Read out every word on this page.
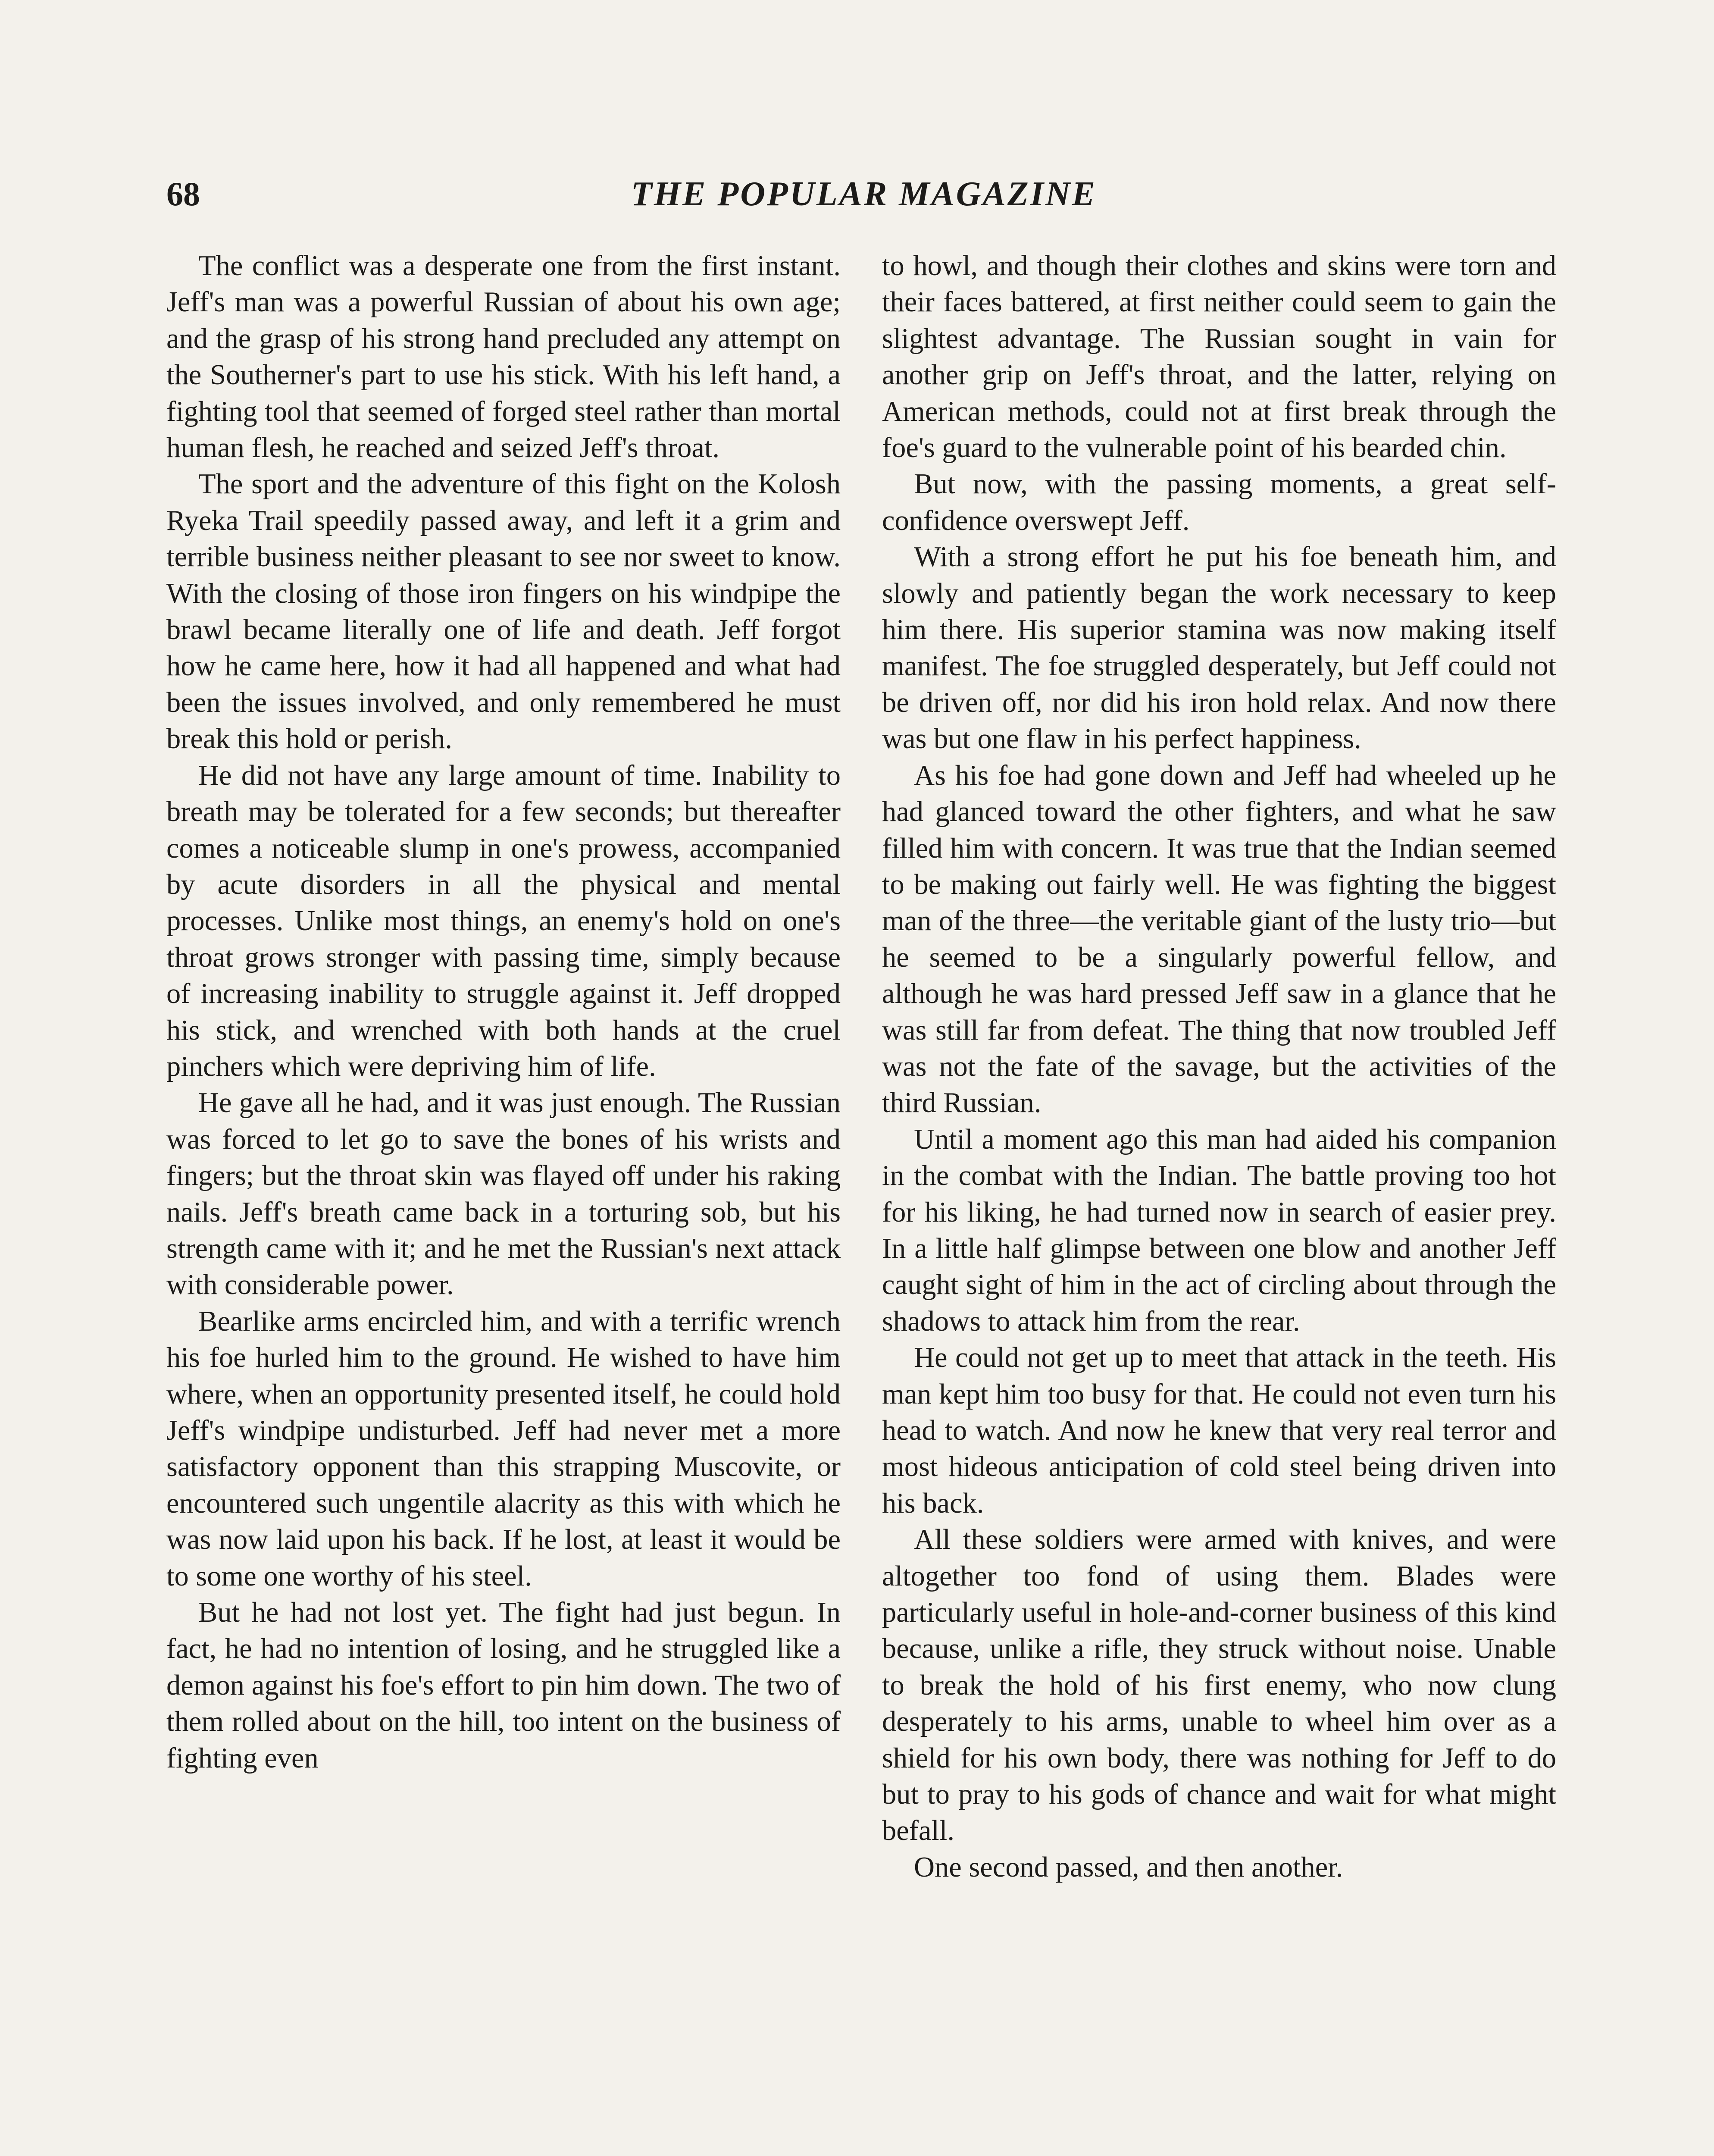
68	THE POPULAR MAGAZINE

The conflict was a desperate one from the first instant. Jeff's man was a powerful Russian of about his own age; and the grasp of his strong hand precluded any attempt on the Southerner's part to use his stick. With his left hand, a fighting tool that seemed of forged steel rather than mortal human flesh, he reached and seized Jeff's throat.

The sport and the adventure of this fight on the Kolosh Ryeka Trail speedily passed away, and left it a grim and terrible business neither pleasant to see nor sweet to know. With the closing of those iron fingers on his windpipe the brawl became literally one of life and death. Jeff forgot how he came here, how it had all happened and what had been the issues involved, and only remembered he must break this hold or perish.

He did not have any large amount of time. Inability to breath may be tolerated for a few seconds; but thereafter comes a noticeable slump in one's prowess, accompanied by acute disorders in all the physical and mental processes. Unlike most things, an enemy's hold on one's throat grows stronger with passing time, simply because of increasing inability to struggle against it. Jeff dropped his stick, and wrenched with both hands at the cruel pinchers which were depriving him of life.

He gave all he had, and it was just enough. The Russian was forced to let go to save the bones of his wrists and fingers; but the throat skin was flayed off under his raking nails. Jeff's breath came back in a torturing sob, but his strength came with it; and he met the Russian's next attack with considerable power.

Bearlike arms encircled him, and with a terrific wrench his foe hurled him to the ground. He wished to have him where, when an opportunity presented itself, he could hold Jeff's windpipe undisturbed. Jeff had never met a more satisfactory opponent than this strapping Muscovite, or encountered such ungentile alacrity as this with which he was now laid upon his back. If he lost, at least it would be to some one worthy of his steel.

But he had not lost yet. The fight had just begun. In fact, he had no intention of losing, and he struggled like a demon against his foe's effort to pin him down. The two of them rolled about on the hill, too intent on the business of fighting even

to howl, and though their clothes and skins were torn and their faces battered, at first neither could seem to gain the slightest advantage. The Russian sought in vain for another grip on Jeff's throat, and the latter, relying on American methods, could not at first break through the foe's guard to the vulnerable point of his bearded chin.

But now, with the passing moments, a great self-confidence overswept Jeff.

With a strong effort he put his foe beneath him, and slowly and patiently began the work necessary to keep him there. His superior stamina was now making itself manifest. The foe struggled desperately, but Jeff could not be driven off, nor did his iron hold relax. And now there was but one flaw in his perfect happiness.

As his foe had gone down and Jeff had wheeled up he had glanced toward the other fighters, and what he saw filled him with concern. It was true that the Indian seemed to be making out fairly well. He was fighting the biggest man of the three—the veritable giant of the lusty trio—but he seemed to be a singularly powerful fellow, and although he was hard pressed Jeff saw in a glance that he was still far from defeat. The thing that now troubled Jeff was not the fate of the savage, but the activities of the third Russian.

Until a moment ago this man had aided his companion in the combat with the Indian. The battle proving too hot for his liking, he had turned now in search of easier prey. In a little half glimpse between one blow and another Jeff caught sight of him in the act of circling about through the shadows to attack him from the rear.

He could not get up to meet that attack in the teeth. His man kept him too busy for that. He could not even turn his head to watch. And now he knew that very real terror and most hideous anticipation of cold steel being driven into his back.

All these soldiers were armed with knives, and were altogether too fond of using them. Blades were particularly useful in hole-and-corner business of this kind because, unlike a rifle, they struck without noise. Unable to break the hold of his first enemy, who now clung desperately to his arms, unable to wheel him over as a shield for his own body, there was nothing for Jeff to do but to pray to his gods of chance and wait for what might befall.

One second passed, and then another.
